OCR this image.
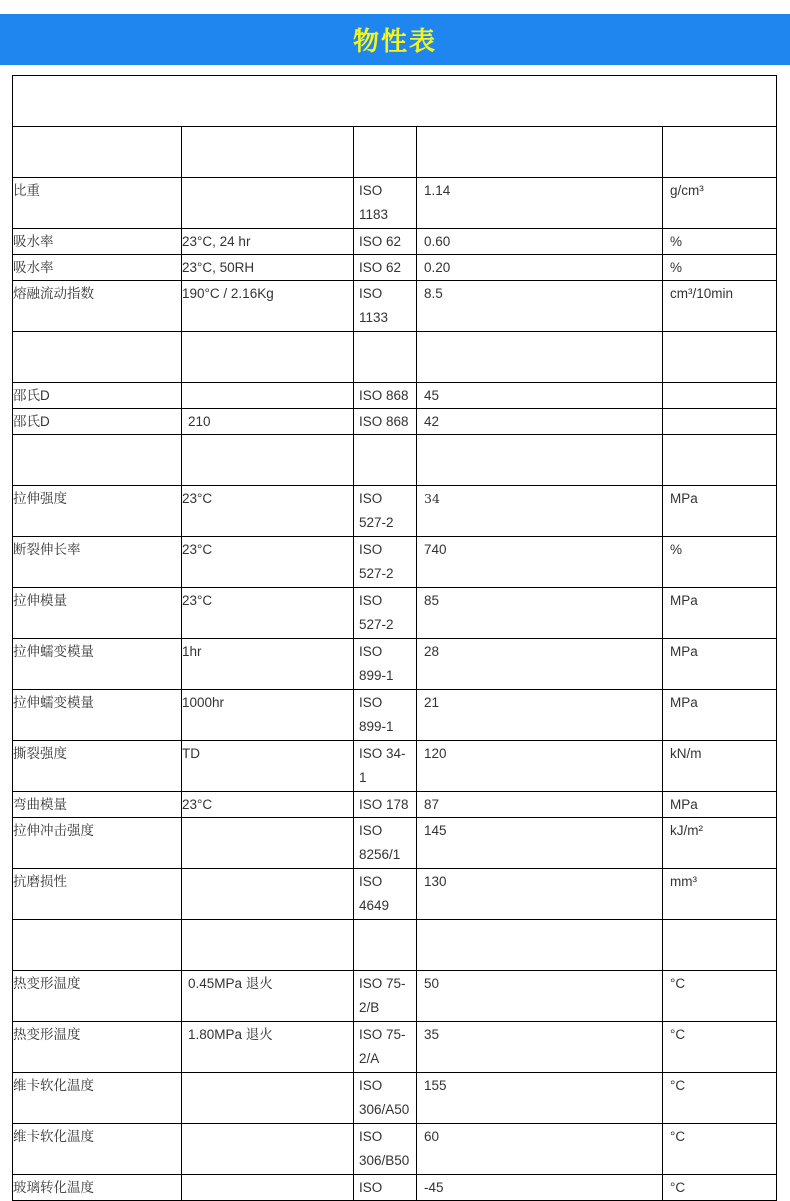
物性表

比重		ISO 1183	1.14	g/cm³
吸水率	23°C, 24 hr	ISO 62	0.60	%
吸水率	23°C, 50RH	ISO 62	0.20	%
熔融流动指数	190°C / 2.16Kg	ISO 1133	8.5	cm³/10min

邵氏D		ISO 868	45	
邵氏D	210	ISO 868	42	

拉伸强度	23°C	ISO 527-2	34	MPa
断裂伸长率	23°C	ISO 527-2	740	%
拉伸模量	23°C	ISO 527-2	85	MPa
拉伸蠕变模量	1hr	ISO 899-1	28	MPa
拉伸蠕变模量	1000hr	ISO 899-1	21	MPa
撕裂强度	TD	ISO 34-1	120	kN/m
弯曲模量	23°C	ISO 178	87	MPa
拉伸冲击强度		ISO 8256/1	145	kJ/m²
抗磨损性		ISO 4649	130	mm³

热变形温度	0.45MPa 退火	ISO 75-2/B	50	°C
热变形温度	1.80MPa 退火	ISO 75-2/A	35	°C
维卡软化温度		ISO 306/A50	155	°C
维卡软化温度		ISO 306/B50	60	°C
玻璃转化温度		ISO	-45	°C
